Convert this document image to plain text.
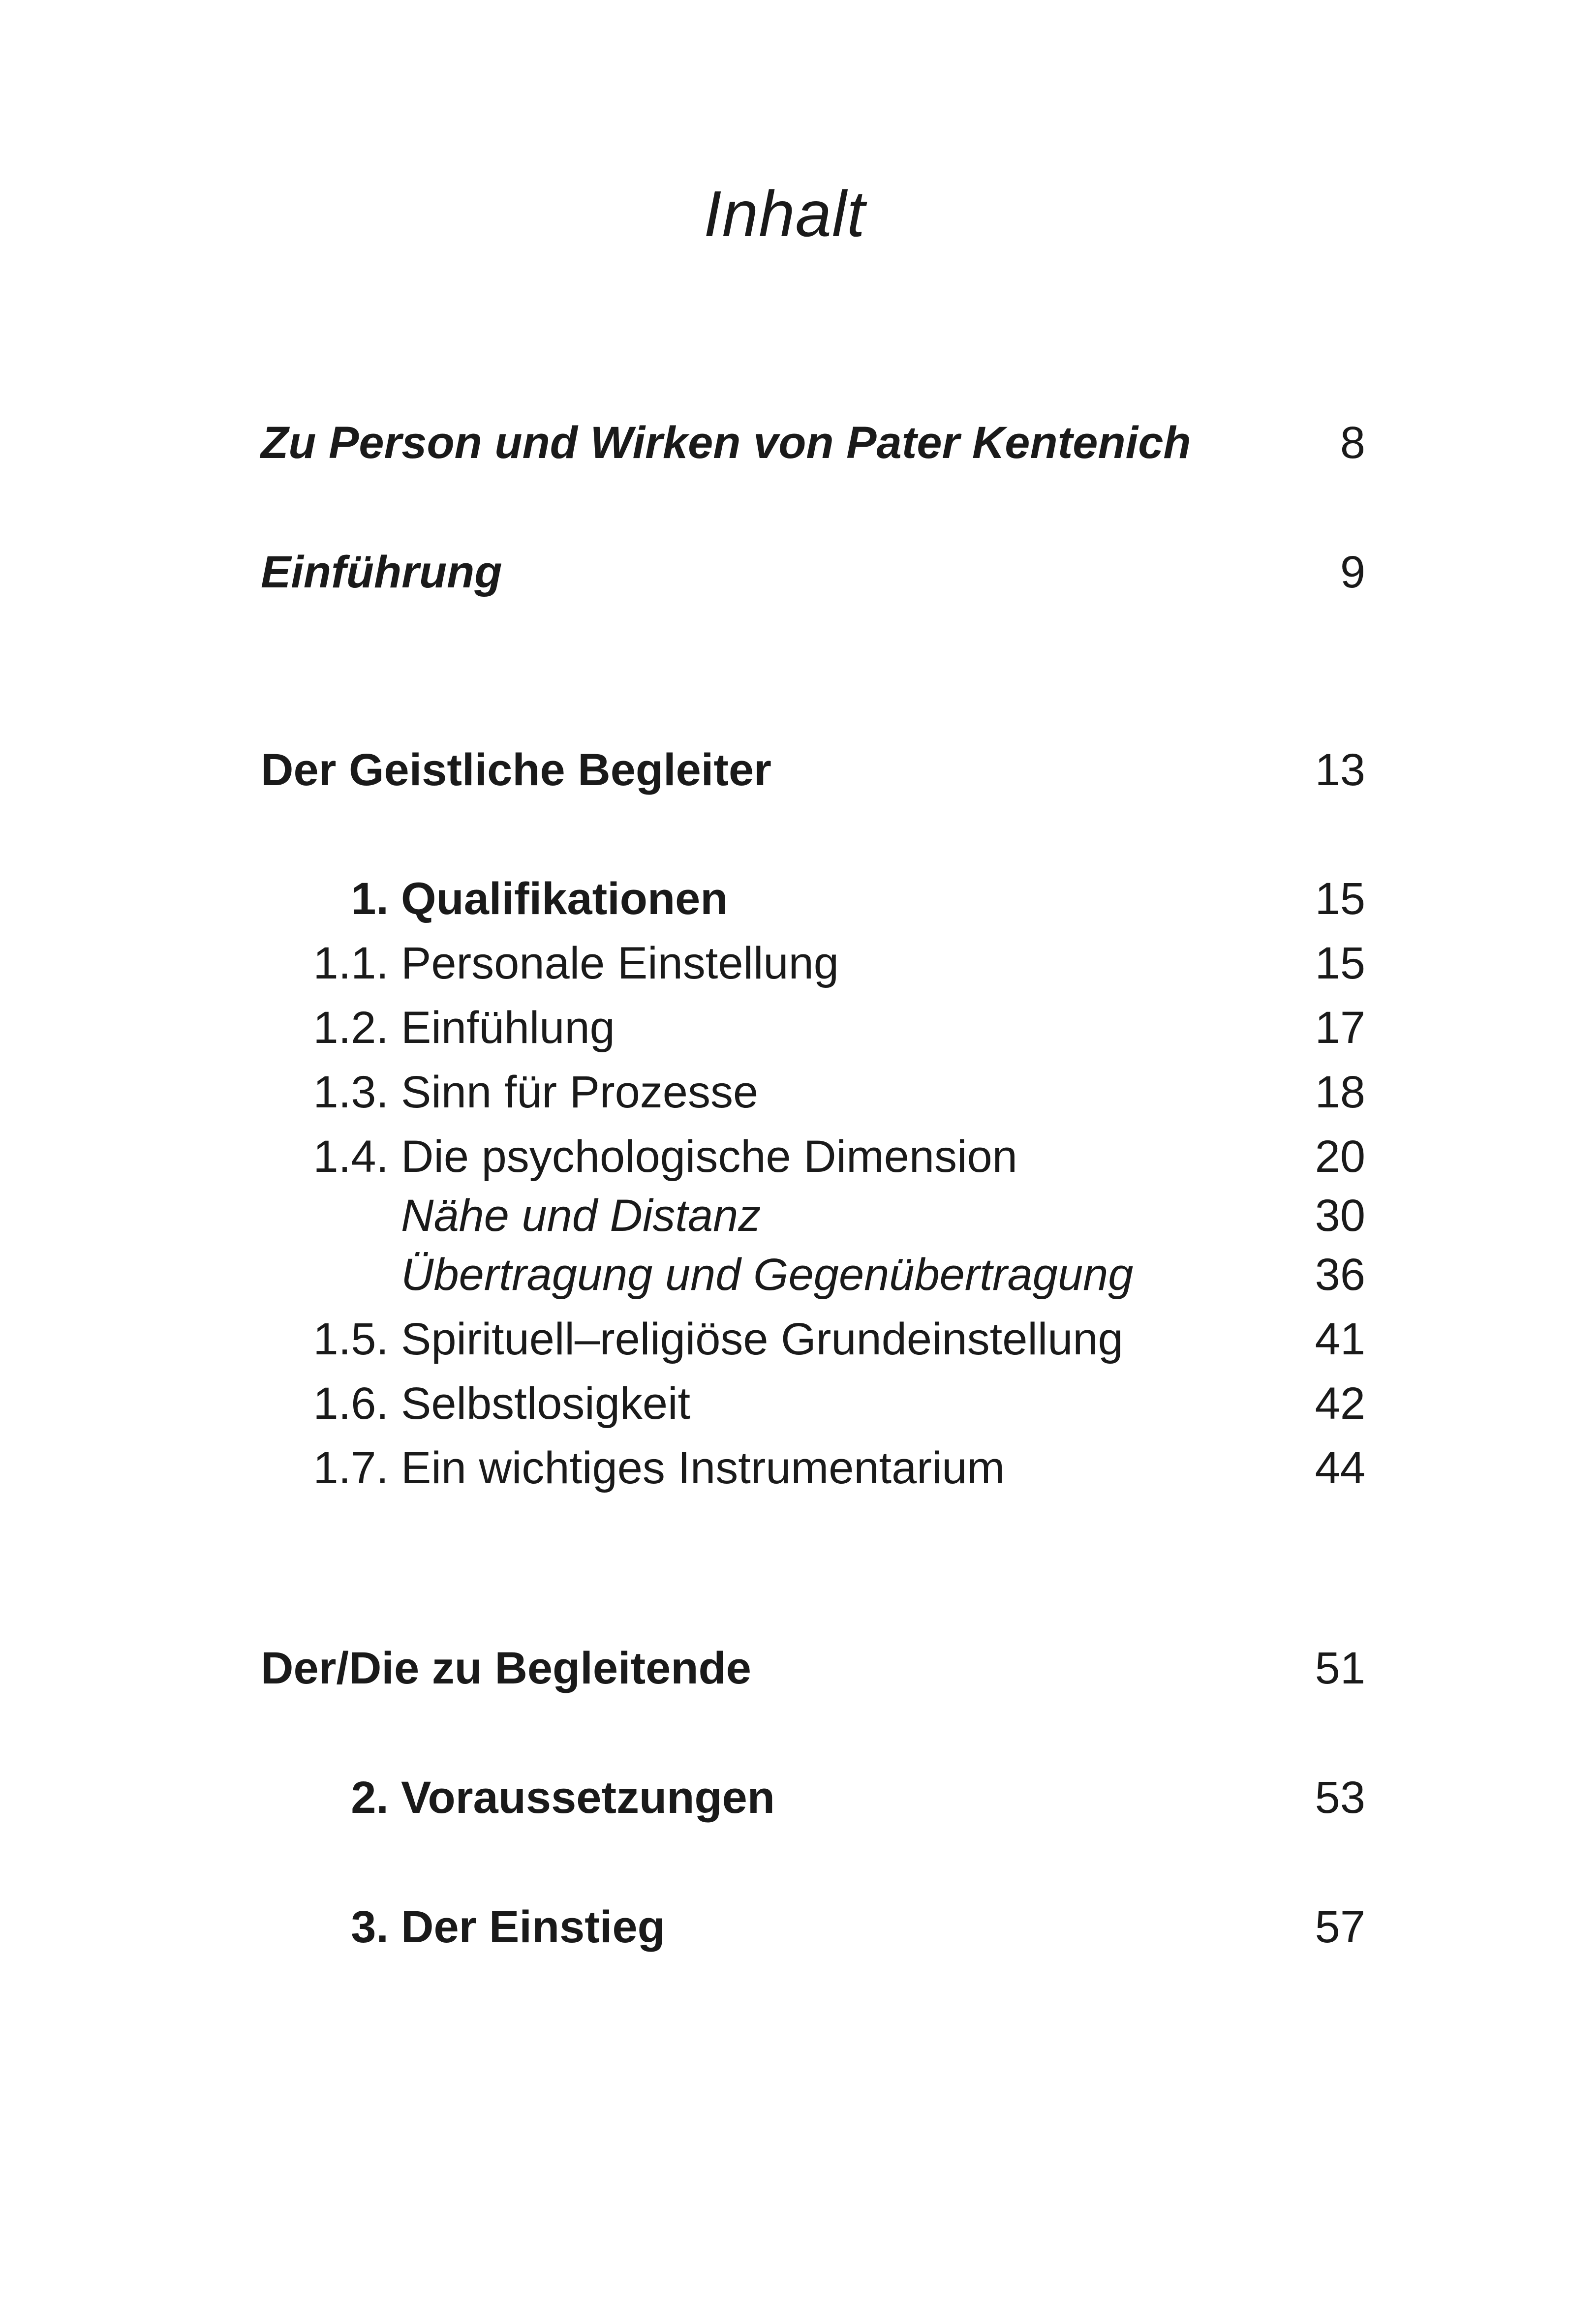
Inhalt
Zu Person und Wirken von Pater Kentenich	8
Einführung	9
Der Geistliche Begleiter	13
1. Qualifikationen	15
1.1. Personale Einstellung	15
1.2. Einfühlung	17
1.3. Sinn für Prozesse	18
1.4. Die psychologische Dimension	20
Nähe und Distanz	30
Übertragung und Gegenübertragung	36
1.5. Spirituell–religiöse Grundeinstellung	41
1.6. Selbstlosigkeit	42
1.7. Ein wichtiges Instrumentarium	44
Der/Die zu Begleitende	51
2. Voraussetzungen	53
3. Der Einstieg	57
